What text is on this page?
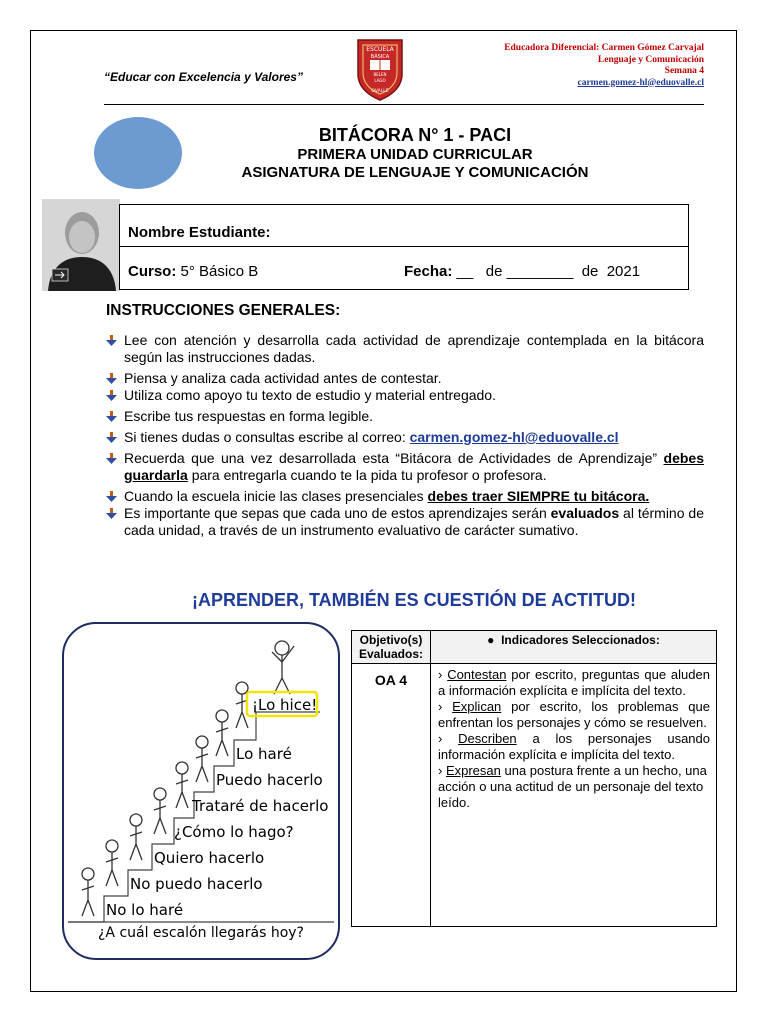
“Educar con Excelencia y Valores”
ESCUELA
BÁSICA
BELEN
LAGO
OVALLE
Educadora Diferencial: Carmen Gómez Carvajal
Lenguaje y Comunicación
Semana 4
carmen.gomez-hl@eduovalle.cl
BITÁCORA N° 1 - PACI
PRIMERA UNIDAD CURRICULAR
ASIGNATURA DE LENGUAJE Y COMUNICACIÓN
Nombre Estudiante:
Curso: 5° Básico B	Fecha: __ de ________ de 2021
INSTRUCCIONES GENERALES:
Lee con atención y desarrolla cada actividad de aprendizaje contemplada en la bitácora según las instrucciones dadas.
Piensa y analiza cada actividad antes de contestar.
Utiliza como apoyo tu texto de estudio y material entregado.
Escribe tus respuestas en forma legible.
Si tienes dudas o consultas escribe al correo: carmen.gomez-hl@eduovalle.cl
Recuerda que una vez desarrollada esta “Bitácora de Actividades de Aprendizaje” debes guardarla para entregarla cuando te la pida tu profesor o profesora.
Cuando la escuela inicie las clases presenciales debes traer SIEMPRE tu bitácora.
Es importante que sepas que cada uno de estos aprendizajes serán evaluados al término de cada unidad, a través de un instrumento evaluativo de carácter sumativo.
¡APRENDER, TAMBIÉN ES CUESTIÓN DE ACTITUD!
No lo haré
No puedo hacerlo
Quiero hacerlo
¿Cómo lo hago?
Trataré de hacerlo
Puedo hacerlo
Lo haré
¡Lo hice!
¿A cuál escalón llegarás hoy?
Objetivo(s) Evaluados:	●  Indicadores Seleccionados:
OA 4	› Contestan por escrito, preguntas que aluden a información explícita e implícita del texto.

› Explican por escrito, los problemas que enfrentan los personajes y cómo se resuelven.

› Describen a los personajes usando información explícita e implícita del texto.

› Expresan una postura frente a un hecho, una acción o una actitud de un personaje del texto leído.
